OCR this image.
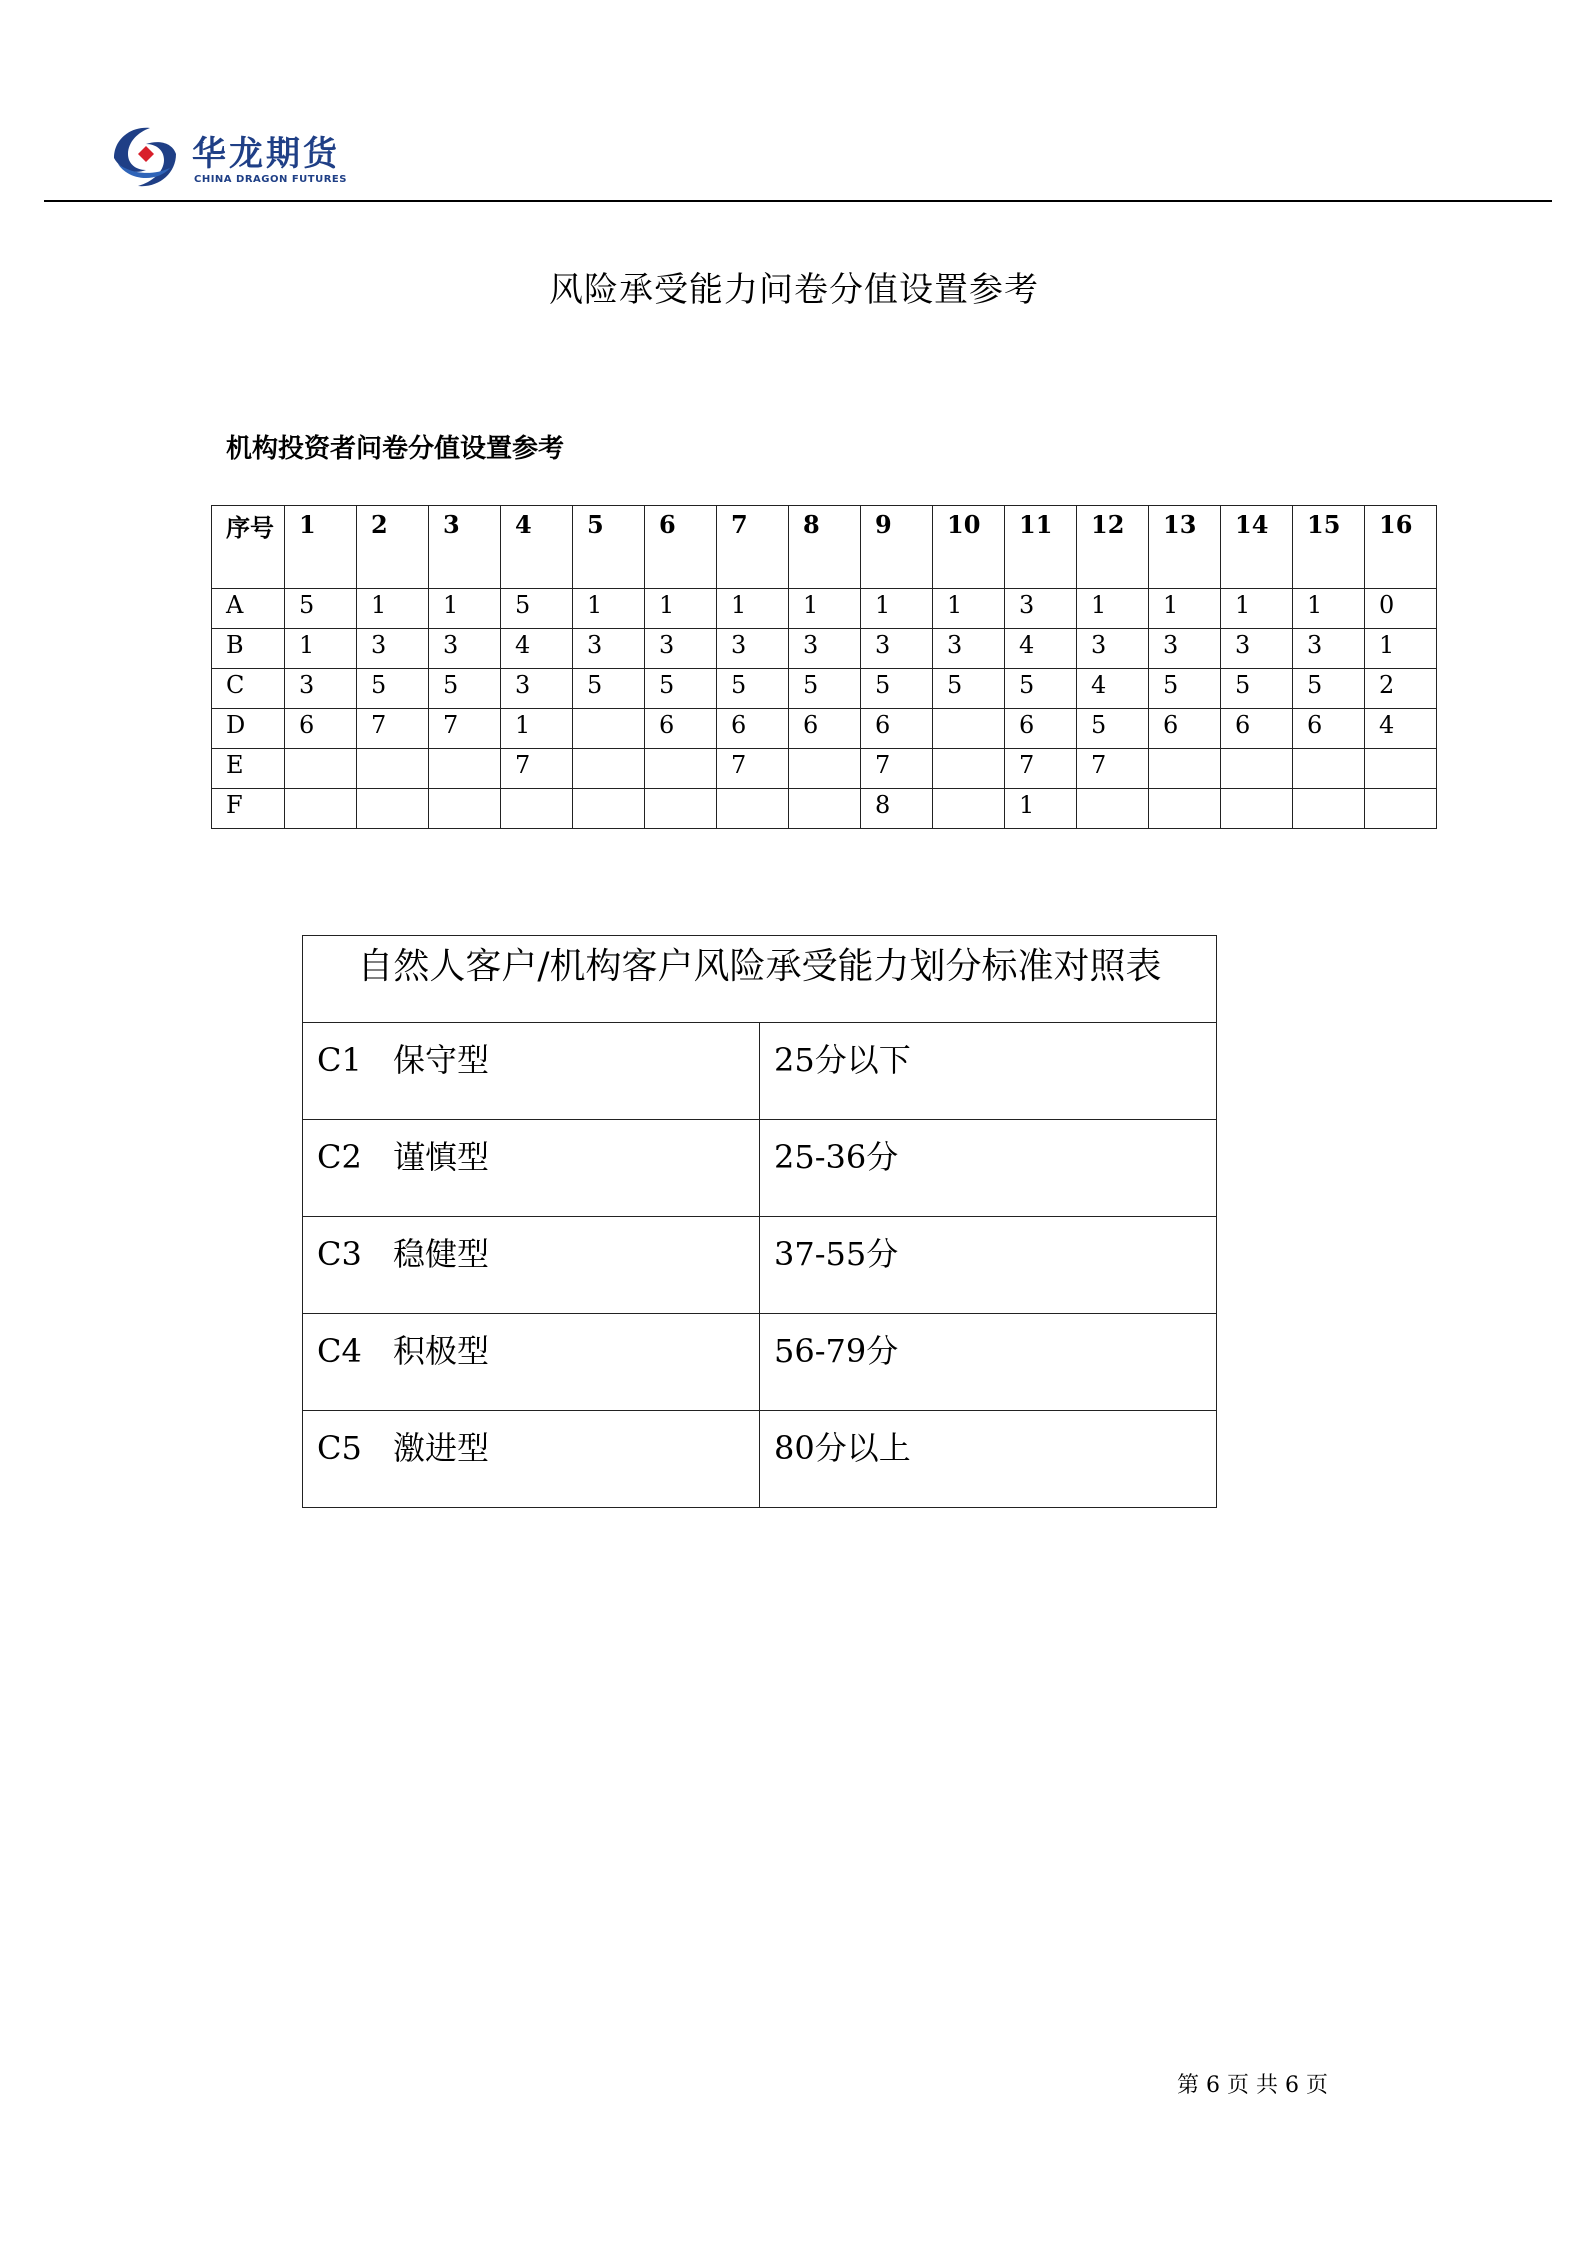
华龙期货
CHINA DRAGON FUTURES
风险承受能力问卷分值设置参考
机构投资者问卷分值设置参考
序号	1	2	3	4	5	6	7	8	9	10	11	12	13	14	15	16
A	5	1	1	5	1	1	1	1	1	1	3	1	1	1	1	0
B	1	3	3	4	3	3	3	3	3	3	4	3	3	3	3	1
C	3	5	5	3	5	5	5	5	5	5	5	4	5	5	5	2
D	6	7	7	1		6	6	6	6		6	5	6	6	6	4
E				7			7		7		7	7				
F									8		1					
自然人客户/机构客户风险承受能力划分标准对照表	
C1 保守型	25分以下
C2 谨慎型	25-36分
C3 稳健型	37-55分
C4 积极型	56-79分
C5 激进型	80分以上
第 6 页 共 6 页
